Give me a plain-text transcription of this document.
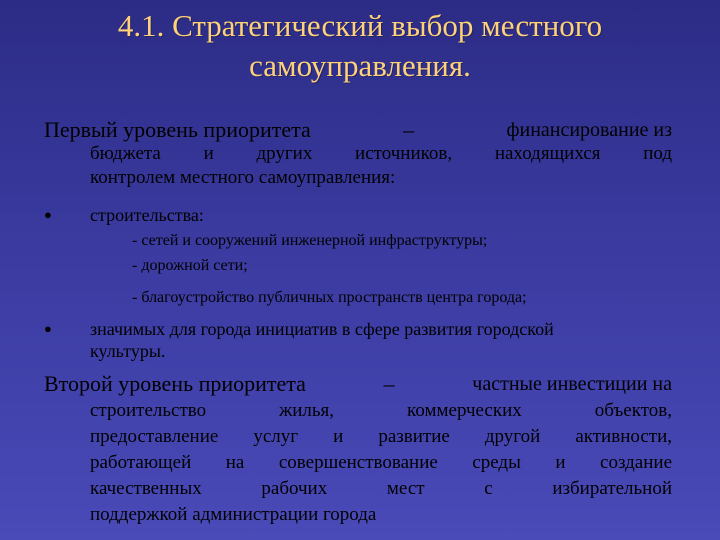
4.1. Стратегический выбор местного
самоуправления.
Первый уровень приоритета	–	финансирование из
бюджета и других источников, находящихся под
контролем местного самоуправления:
●	строительства:
- сетей и сооружений инженерной инфраструктуры;
- дорожной сети;
- благоустройство публичных пространств центра города;
●	значимых для города инициатив в сфере развития городской
культуры.
Второй уровень приоритета	–	частные инвестиции на
строительство жилья, коммерческих объектов,
предоставление услуг и развитие другой активности,
работающей на совершенствование среды и создание
качественных рабочих мест с избирательной
поддержкой администрации города
